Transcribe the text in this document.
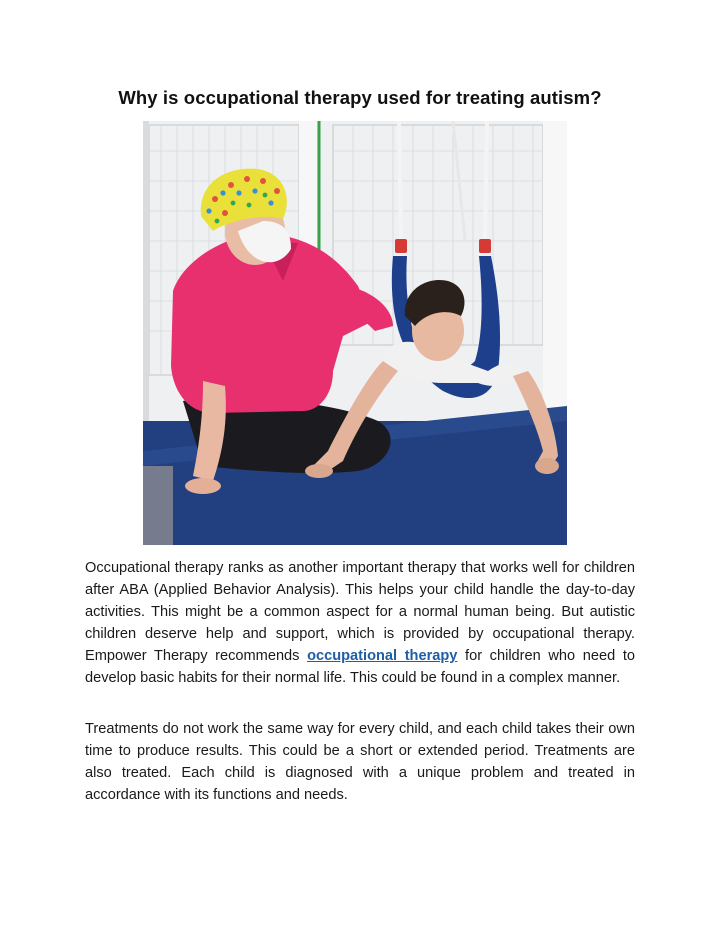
Why is occupational therapy used for treating autism?

Occupational therapy ranks as another important therapy that works well for children after ABA (Applied Behavior Analysis). This helps your child handle the day-to-day activities. This might be a common aspect for a normal human being. But autistic children deserve help and support, which is provided by occupational therapy. Empower Therapy recommends occupational therapy for children who need to develop basic habits for their normal life. This could be found in a complex manner.

Treatments do not work the same way for every child, and each child takes their own time to produce results. This could be a short or extended period. Treatments are also treated. Each child is diagnosed with a unique problem and treated in accordance with its functions and needs.
